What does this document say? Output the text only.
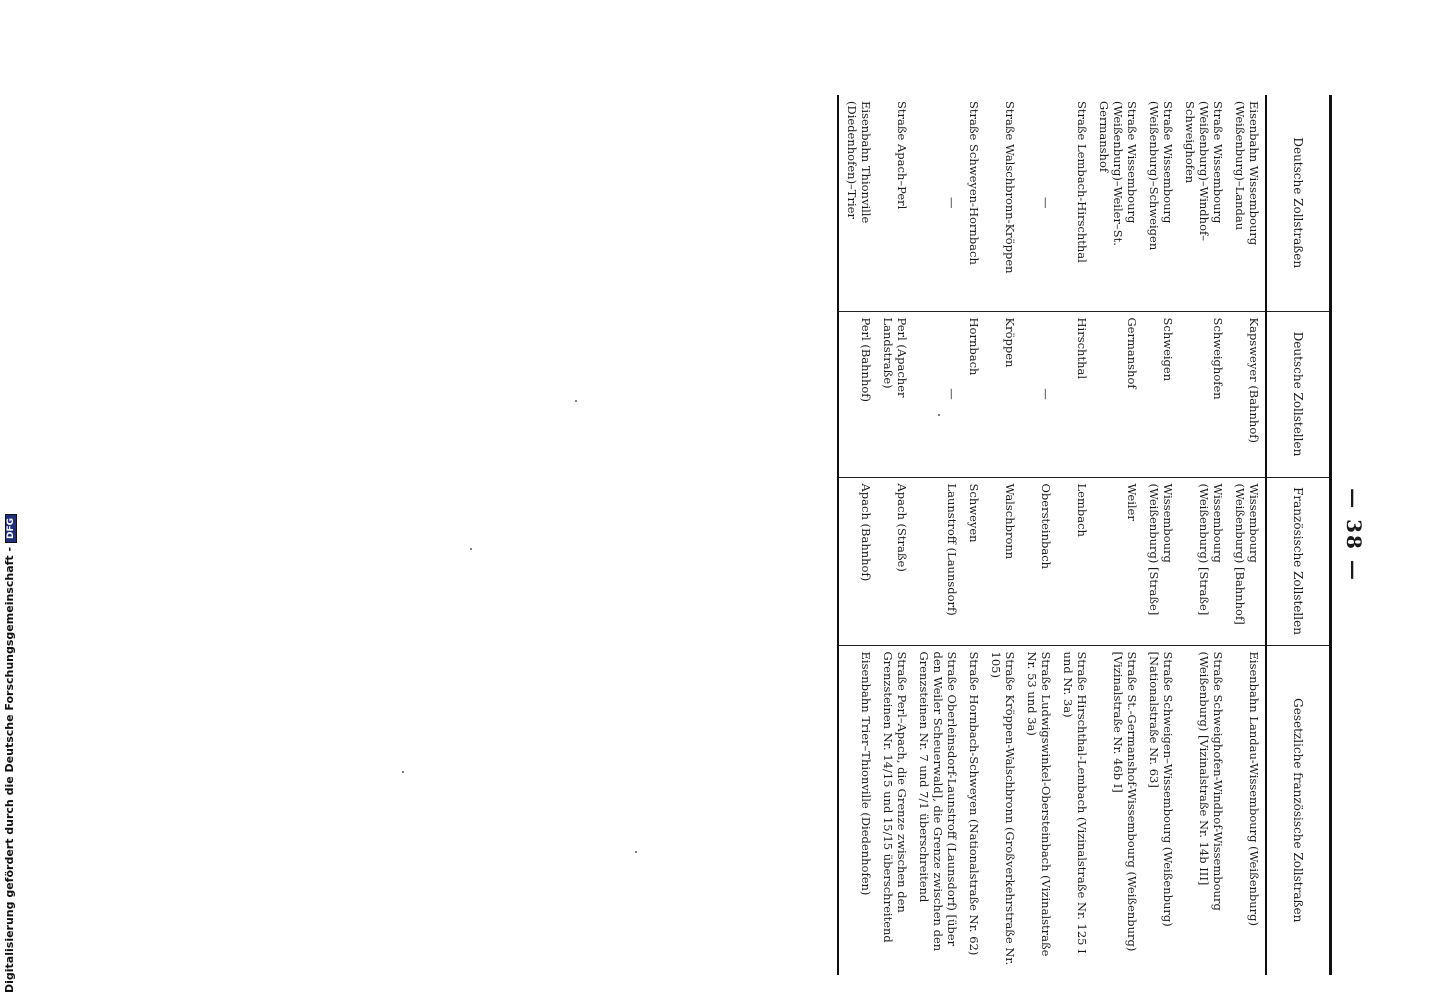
— 38 —
Deutsche Zollstraßen	Deutsche Zollstellen	Französische Zollstellen	Gesetzliche französische Zollstraßen
Eisenbahn Wissembourg (Weißenburg)–Landau	Kapsweyer (Bahnhof)	Wissembourg (Weißenburg) [Bahnhof]	Eisenbahn Landau-Wissembourg (Weißenburg)
Straße Wissembourg (Weißenburg)–Windhof–Schweighofen	Schweighofen	Wissembourg (Weißenburg) [Straße]	Straße Schweighofen-Windhof-Wissembourg (Weißenburg) [Vizinalstraße Nr. 14b III]
Straße Wissembourg (Weißenburg)–Schweigen	Schweigen	Wissembourg (Weißenburg) [Straße]	Straße Schweigen–Wissembourg (Weißenburg) [Nationalstraße Nr. 63]
Straße Wissembourg (Weißenburg)–Weiler–St. Germanshof	Germanshof	Weiler	Straße St.-Germanshof-Wissembourg (Weißenburg) [Vizinalstraße Nr. 46b I]
Straße Lembach-Hirschthal	Hirschthal	Lembach	Straße Hirschthal-Lembach (Vizinalstraße Nr. 125 I und Nr. 3a)
—	—	Obersteinbach	Straße Ludwigswinkel-Obersteinbach (Vizinalstraße Nr. 53 und 3a)
Straße Walschbronn-Kröppen	Kröppen	Walschbronn	Straße Kröppen-Walschbronn (Großverkehrstraße Nr. 105)
Straße Schweyen-Hornbach	Hornbach	Schweyen	Straße Hornbach-Schweyen (Nationalstraße Nr. 62)
—	—	Launstroff (Launsdorf)	Straße Oberleinsdorf-Launstroff (Launsdorf) [über den Weiler Scheuerwald], die Grenze zwischen den Grenzsteinen Nr. 7 und 7/1 überschreitend
Straße Apach–Perl	Perl (Apacher Landstraße)	Apach (Straße)	Straße Perl–Apach, die Grenze zwischen den Grenzsteinen Nr. 14/15 und 15/15 überschreitend
Eisenbahn Thionville (Diedenhofen)–Trier	Perl (Bahnhof)	Apach (Bahnhof)	Eisenbahn Trier–Thionville (Diedenhofen)
Digitalisierung gefördert durch die Deutsche Forschungsgemeinschaft -DFG
